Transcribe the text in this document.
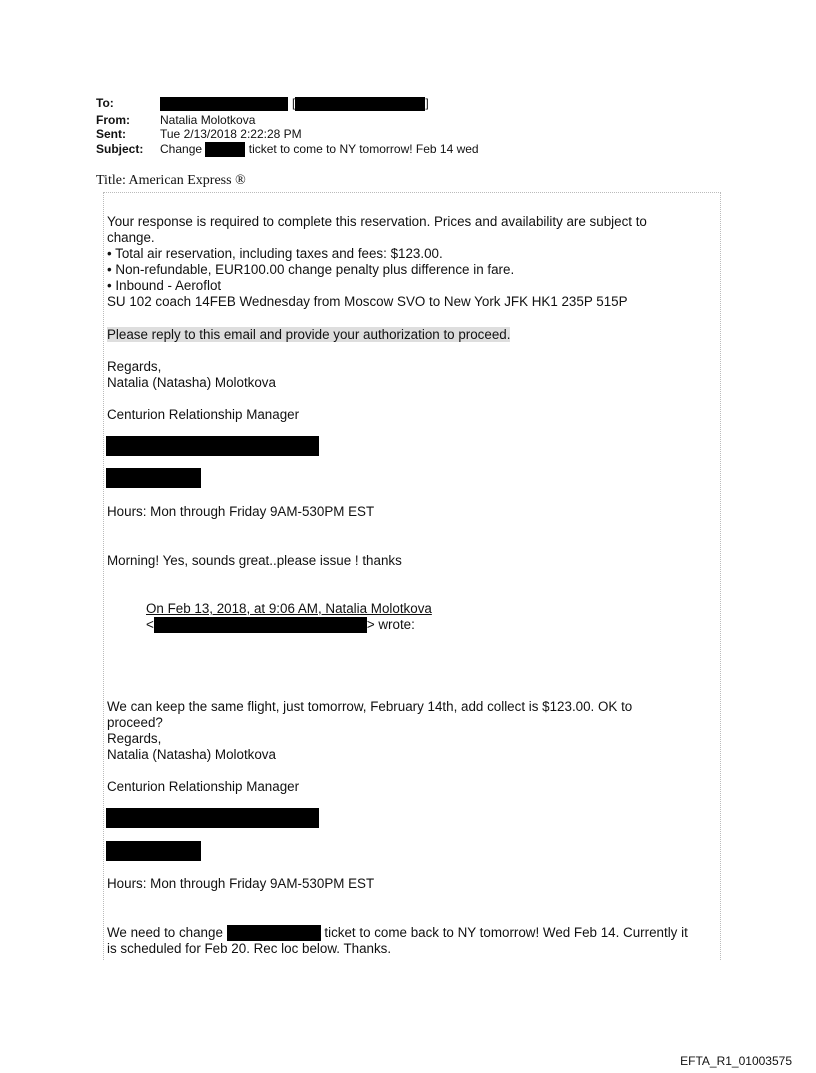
To:	[	]
From:	Natalia Molotkova
Sent:	Tue 2/13/2018 2:22:28 PM
Subject: Change	ticket to come to NY tomorrow! Feb 14 wed
Title: American Express ®
Your response is required to complete this reservation. Prices and availability are subject to
change.
• Total air reservation, including taxes and fees: $123.00.
• Non-refundable, EUR100.00 change penalty plus difference in fare.
• Inbound - Aeroflot
SU 102 coach 14FEB Wednesday from Moscow SVO to New York JFK HK1 235P 515P
Please reply to this email and provide your authorization to proceed.
Regards,
Natalia (Natasha) Molotkova
Centurion Relationship Manager
Hours: Mon through Friday 9AM-530PM EST
Morning! Yes, sounds great..please issue ! thanks
On Feb 13, 2018, at 9:06 AM, Natalia Molotkova
<	> wrote:
We can keep the same flight, just tomorrow, February 14th, add collect is $123.00. OK to
proceed?
Regards,
Natalia (Natasha) Molotkova
Centurion Relationship Manager
Hours: Mon through Friday 9AM-530PM EST
We need to change	ticket to come back to NY tomorrow! Wed Feb 14. Currently it
is scheduled for Feb 20. Rec loc below. Thanks.
EFTA_R1_01003575
